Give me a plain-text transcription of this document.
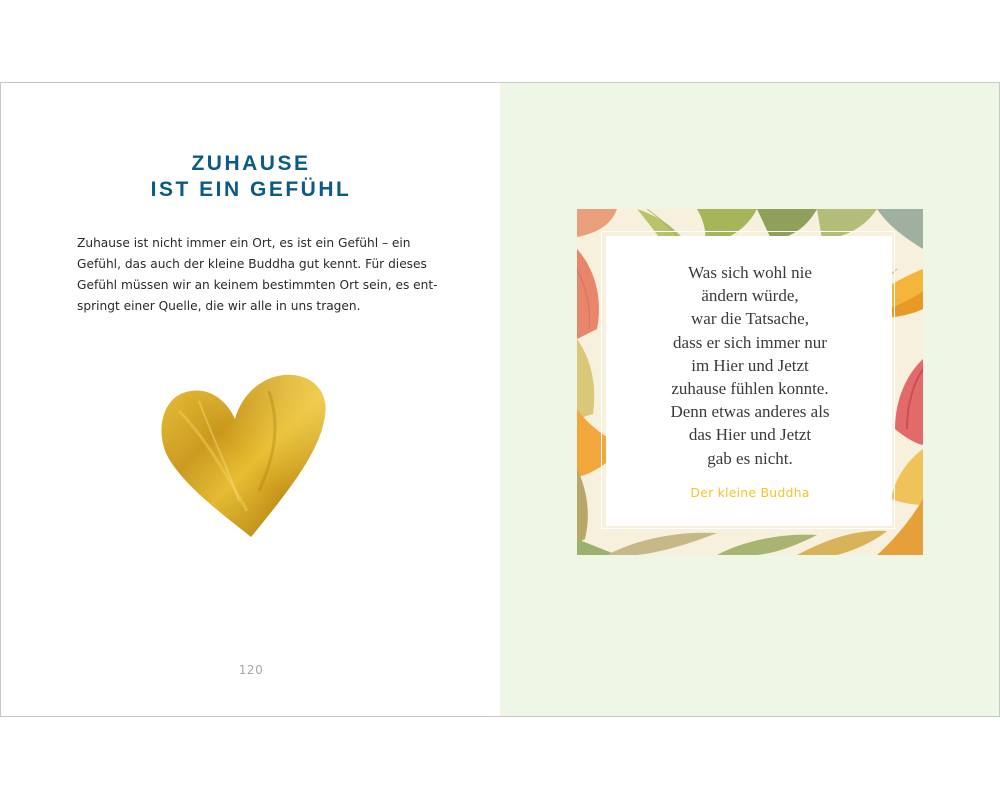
ZUHAUSE
IST EIN GEFÜHL
Zuhause ist nicht immer ein Ort, es ist ein Gefühl – ein
Gefühl, das auch der kleine Buddha gut kennt. Für dieses
Gefühl müssen wir an keinem bestimmten Ort sein, es ent-
springt einer Quelle, die wir alle in uns tragen.
120
Was sich wohl nie
ändern würde,
war die Tatsache,
dass er sich immer nur
im Hier und Jetzt
zuhause fühlen konnte.
Denn etwas anderes als
das Hier und Jetzt
gab es nicht.
Der kleine Buddha
